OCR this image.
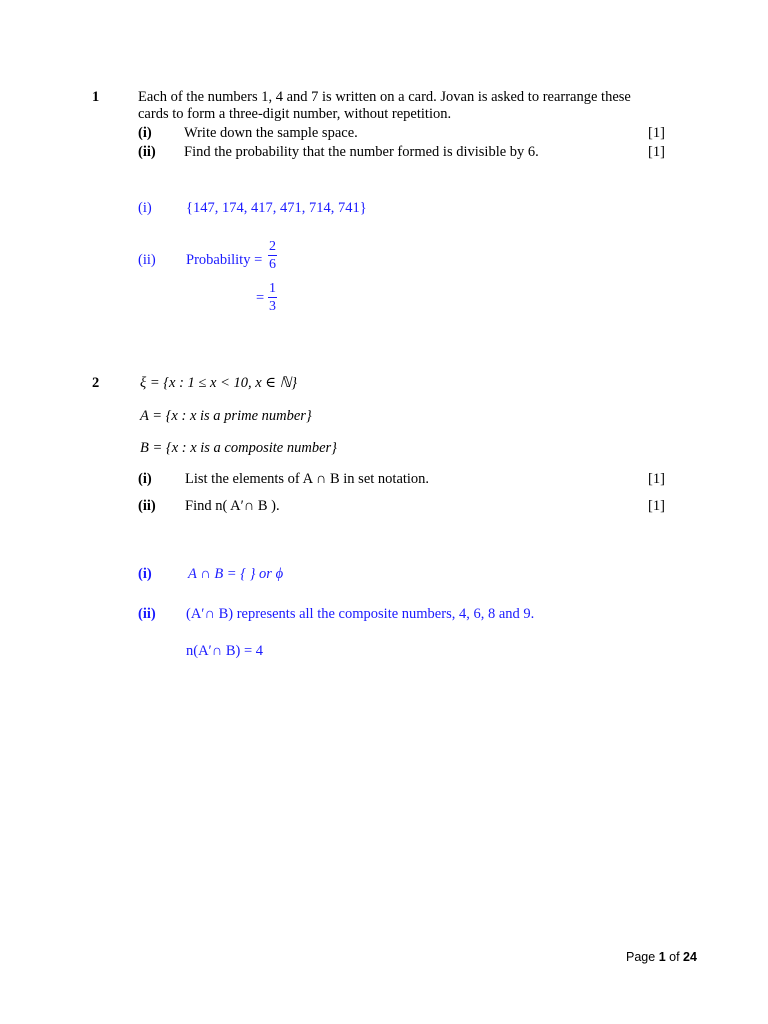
1	Each of the numbers 1, 4 and 7 is written on a card. Jovan is asked to rearrange these
cards to form a three-digit number, without repetition.
(i) Write down the sample space.	[1]
(ii) Find the probability that the number formed is divisible by 6.	[1]
(i) {147, 174, 417, 471, 714, 741}
(ii) Probability = $\frac{2}{6}$
= $\frac{1}{3}$
2	ξ = {x : 1 ≤ x < 10, x ∈ ℕ}
A = {x : x is a prime number}
B = {x : x is a composite number}
(i) List the elements of A ∩ B in set notation.	[1]
(ii) Find n( A′∩ B ).	[1]
(i)	A ∩ B = { } or ϕ
(ii) (A′∩ B) represents all the composite numbers, 4, 6, 8 and 9.
n(A′∩ B) = 4
Page 1 of 24
